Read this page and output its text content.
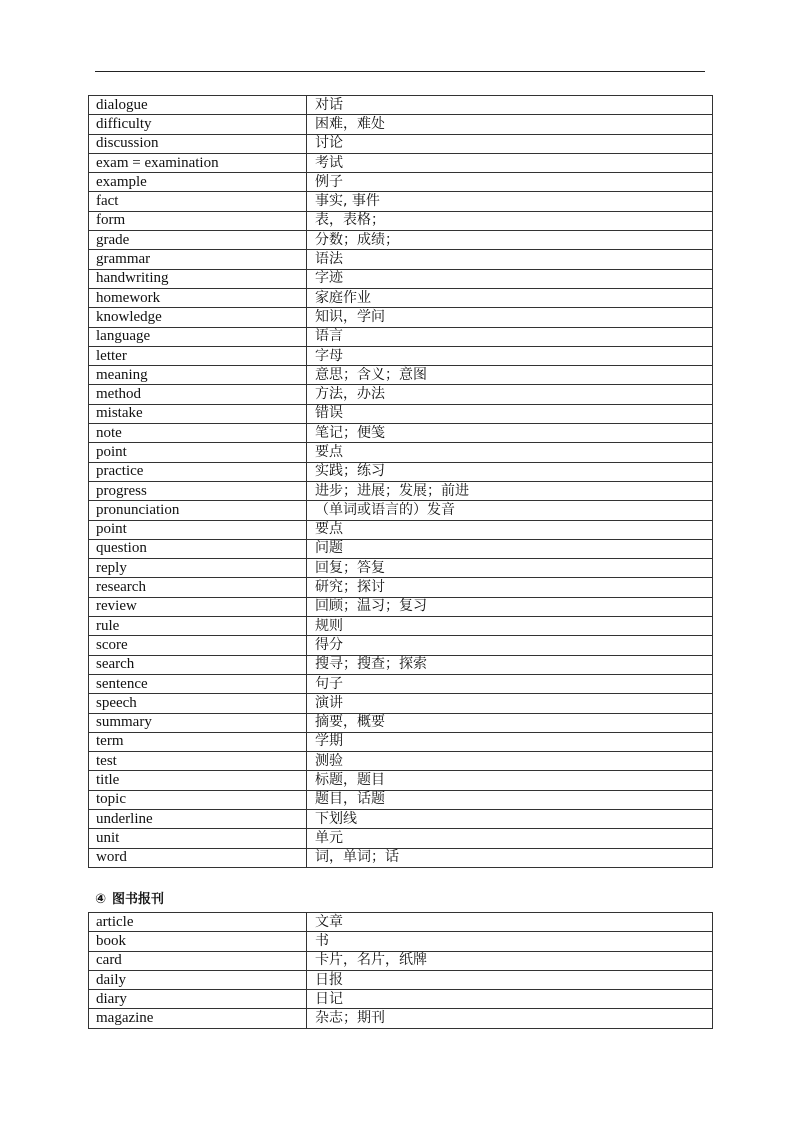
dialogue	对话
difficulty	困难，难处
discussion	讨论
exam = examination	考试
example	例子
fact	事实, 事件
form	表，表格；
grade	分数；成绩；
grammar	语法
handwriting	字迹
homework	家庭作业
knowledge	知识，学问
language	语言
letter	字母
meaning	意思；含义；意图
method	方法，办法
mistake	错误
note	笔记；便笺
point	要点
practice	实践；练习
progress	进步；进展；发展；前进
pronunciation	（单词或语言的）发音
point	要点
question	问题
reply	回复；答复
research	研究；探讨
review	回顾；温习；复习
rule	规则
score	得分
search	搜寻；搜查；探索
sentence	句子
speech	演讲
summary	摘要，概要
term	学期
test	测验
title	标题，题目
topic	题目，话题
underline	下划线
unit	单元
word	词，单词；话
④ 图书报刊
article	文章
book	书
card	卡片，名片，纸牌
daily	日报
diary	日记
magazine	杂志；期刊
